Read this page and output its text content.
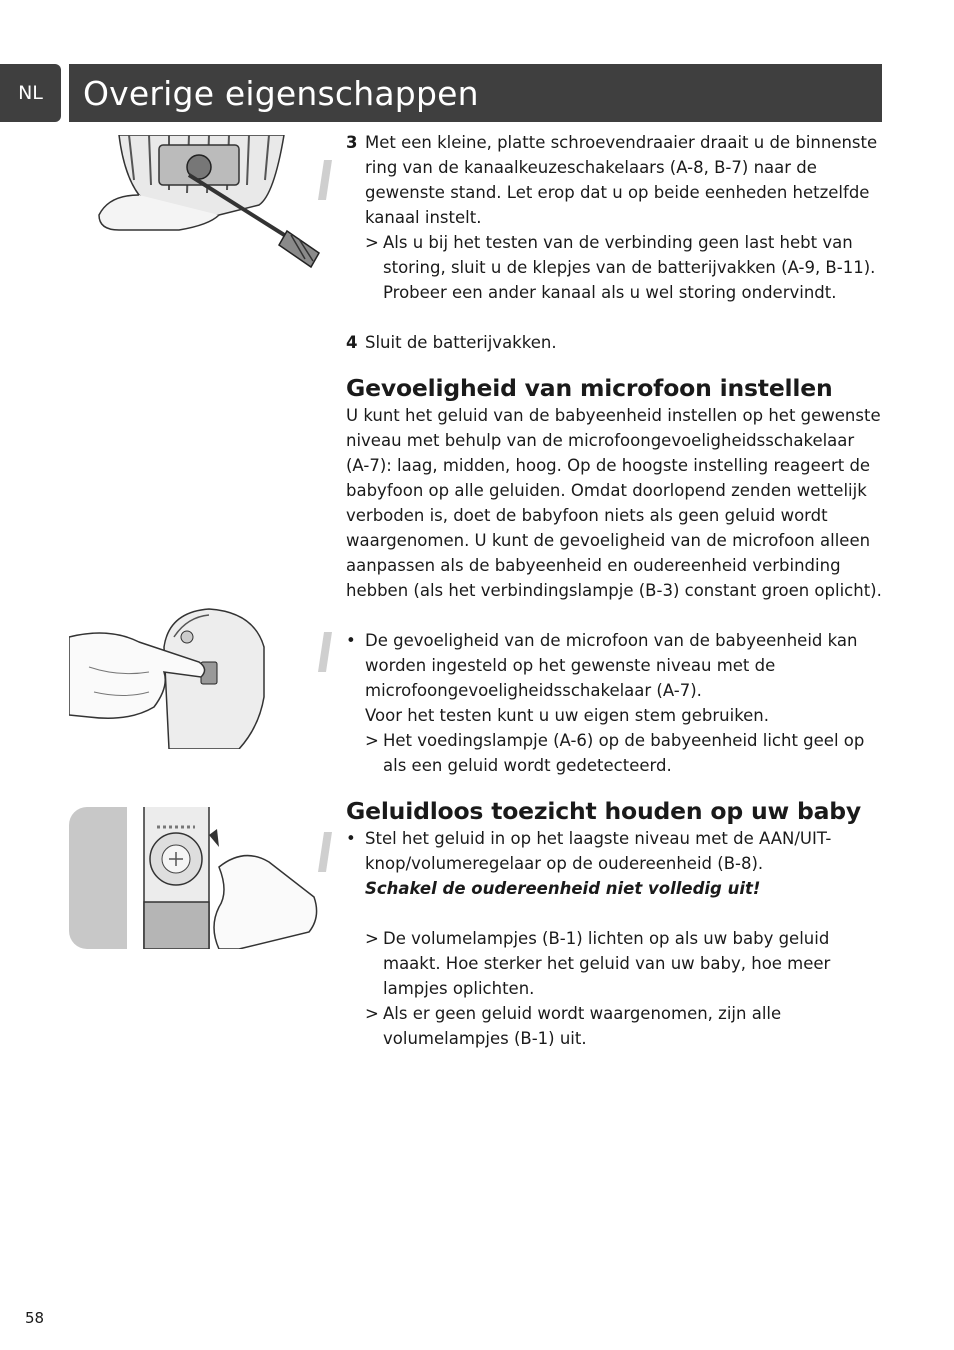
NL Overige eigenschappen
3 Met een kleine, platte schroevendraaier draait u de binnenste ring van de kanaalkeuzeschakelaars (A-8, B-7) naar de gewenste stand. Let erop dat u op beide eenheden hetzelfde kanaal instelt.
> Als u bij het testen van de verbinding geen last hebt van storing, sluit u de klepjes van de batterijvakken (A-9, B-11). Probeer een ander kanaal als u wel storing ondervindt.
4 Sluit de batterijvakken.
Gevoeligheid van microfoon instellen

U kunt het geluid van de babyeenheid instellen op het gewenste niveau met behulp van de microfoongevoeligheidsschakelaar (A-7): laag, midden, hoog. Op de hoogste instelling reageert de babyfoon op alle geluiden. Omdat doorlopend zenden wettelijk verboden is, doet de babyfoon niets als geen geluid wordt waargenomen. U kunt de gevoeligheid van de microfoon alleen aanpassen als de babyeenheid en oudereenheid verbinding hebben (als het verbindingslampje (B-3) constant groen oplicht).

• De gevoeligheid van de microfoon van de babyeenheid kan worden ingesteld op het gewenste niveau met de microfoongevoeligheidsschakelaar (A-7).
Voor het testen kunt u uw eigen stem gebruiken.
> Het voedingslampje (A-6) op de babyeenheid licht geel op als een geluid wordt gedetecteerd.
Geluidloos toezicht houden op uw baby
• Stel het geluid in op het laagste niveau met de AAN/UIT-knop/volumeregelaar op de oudereenheid (B-8).
Schakel de oudereenheid niet volledig uit!
> De volumelampjes (B-1) lichten op als uw baby geluid maakt. Hoe sterker het geluid van uw baby, hoe meer lampjes oplichten.
> Als er geen geluid wordt waargenomen, zijn alle volumelampjes (B-1) uit.
58
